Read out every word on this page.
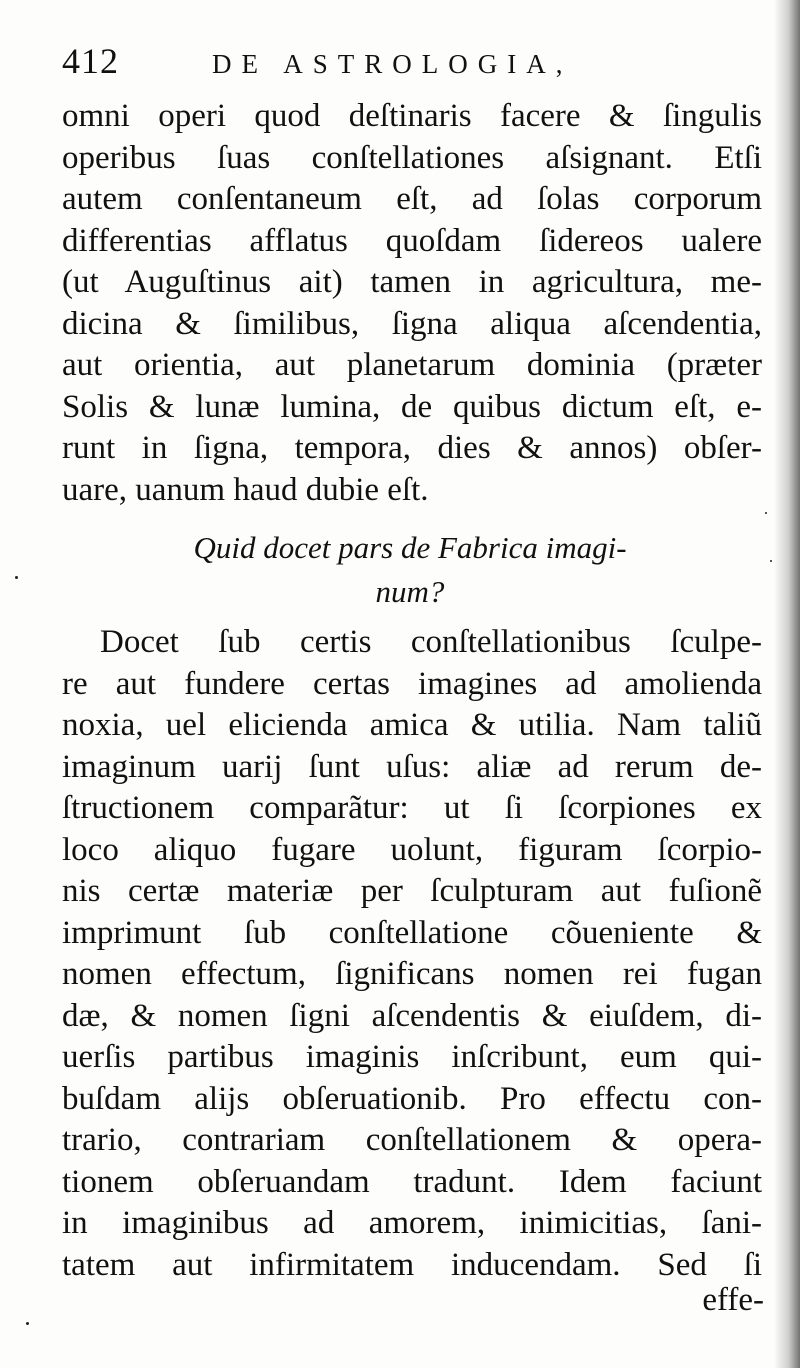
412	DE ASTROLOGIA,
omni operi quod deſtinaris facere & ſingulis
operibus ſuas conſtellationes aſsignant. Etſi
autem conſentaneum eſt, ad ſolas corporum
differentias afflatus quoſdam ſidereos ualere
(ut Auguſtinus ait) tamen in agricultura, me-
dicina & ſimilibus, ſigna aliqua aſcendentia,
aut orientia, aut planetarum dominia (præter
Solis & lunæ lumina, de quibus dictum eſt, e-
runt in ſigna, tempora, dies & annos) obſer-
uare, uanum haud dubie eſt.
Quid docet pars de Fabrica imagi-
num?
Docet ſub certis conſtellationibus ſculpe-
re aut fundere certas imagines ad amolienda
noxia, uel elicienda amica & utilia. Nam taliũ
imaginum uarij ſunt uſus: aliæ ad rerum de-
ſtructionem comparãtur: ut ſi ſcorpiones ex
loco aliquo fugare uolunt, figuram ſcorpio-
nis certæ materiæ per ſculpturam aut fuſionẽ
imprimunt ſub conſtellatione cõueniente &
nomen effectum, ſignificans nomen rei fugan
dæ, & nomen ſigni aſcendentis & eiuſdem, di-
uerſis partibus imaginis inſcribunt, eum qui-
buſdam alijs obſeruationib. Pro effectu con-
trario, contrariam conſtellationem & opera-
tionem obſeruandam tradunt. Idem faciunt
in imaginibus ad amorem, inimicitias, ſani-
tatem aut infirmitatem inducendam. Sed ſi
effe-
